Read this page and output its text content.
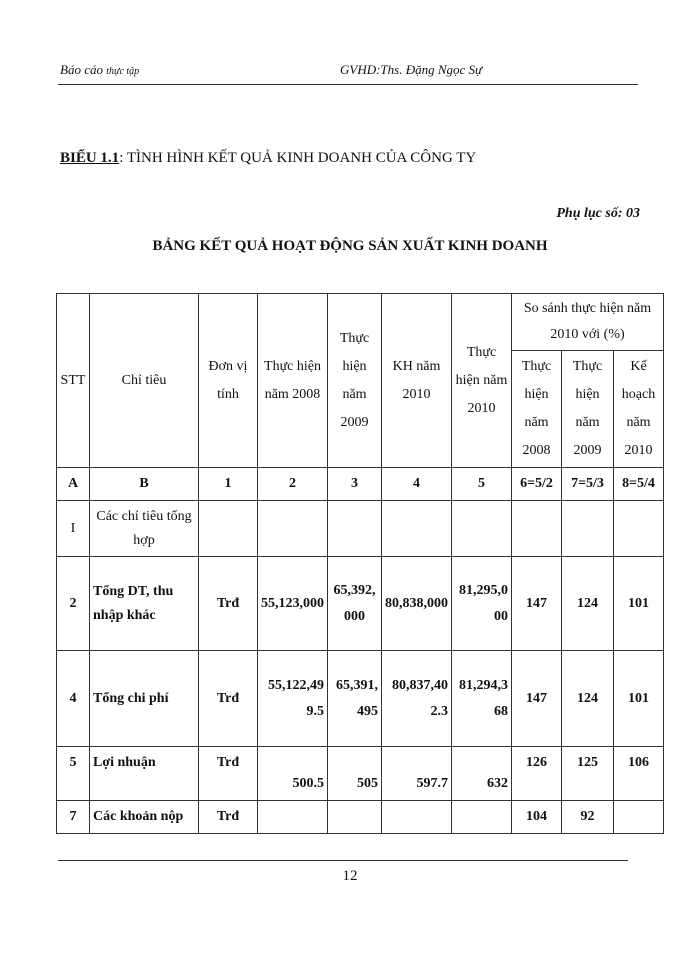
Báo cáo thực tập	GVHD:Ths. Đặng Ngọc Sự
BIỂU 1.1: TÌNH HÌNH KẾT QUẢ KINH DOANH CỦA CÔNG TY
Phụ lục số: 03
BẢNG KẾT QUẢ HOẠT ĐỘNG SẢN XUẤT KINH DOANH
STT	Chỉ tiêu	Đơn vị tính	Thực hiện năm 2008	Thực hiện năm 2009	KH năm 2010	Thực hiện năm 2010	So sánh thực hiện năm 2010 với (%)		
							Thực hiện năm 2008	Thực hiện năm 2009	Kế hoạch năm 2010
A	B	1	2	3	4	5	6=5/2	7=5/3	8=5/4
I	Các chỉ tiêu tổng hợp								
2	Tổng DT, thu nhập khác	Trđ	55,123,000	65,392,000	80,838,000	81,295,000	147	124	101
4	Tổng chi phí	Trđ	55,122,499.5	65,391,495	80,837,402.3	81,294,368	147	124	101
5	Lợi nhuận	Trđ	500.5	505	597.7	632	126	125	106
7	Các khoản nộp	Trđ					104	92	
12
